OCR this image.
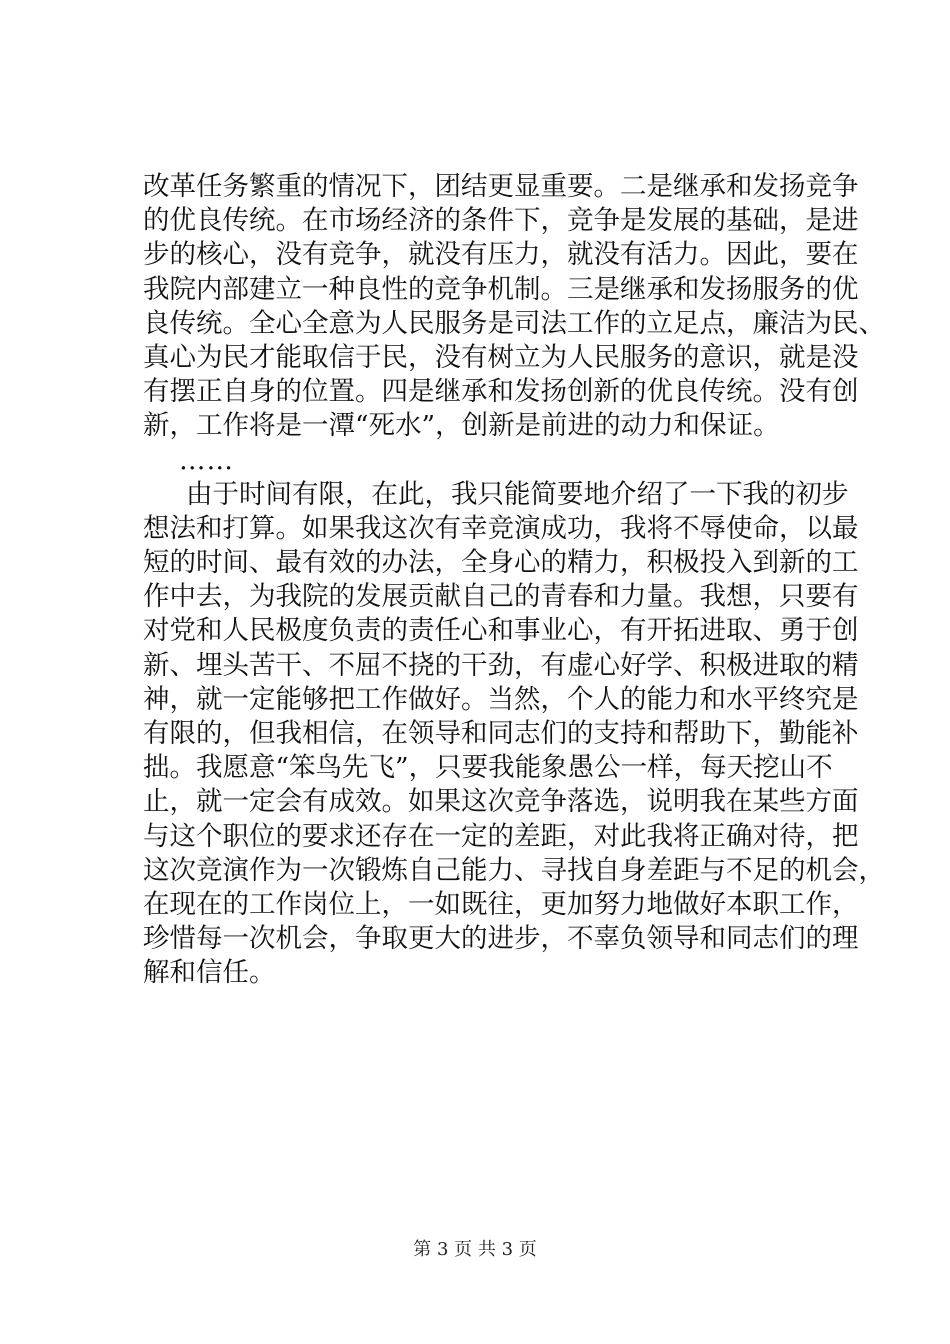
改革任务繁重的情况下，团结更显重要。二是继承和发扬竞争
的优良传统。在市场经济的条件下，竞争是发展的基础，是进
步的核心，没有竞争，就没有压力，就没有活力。因此，要在
我院内部建立一种良性的竞争机制。三是继承和发扬服务的优
良传统。全心全意为人民服务是司法工作的立足点，廉洁为民、
真心为民才能取信于民，没有树立为人民服务的意识，就是没
有摆正自身的位置。四是继承和发扬创新的优良传统。没有创
新，工作将是一潭“死水”，创新是前进的动力和保证。
……
由于时间有限，在此，我只能简要地介绍了一下我的初步
想法和打算。如果我这次有幸竞演成功，我将不辱使命，以最
短的时间、最有效的办法，全身心的精力，积极投入到新的工
作中去，为我院的发展贡献自己的青春和力量。我想，只要有
对党和人民极度负责的责任心和事业心，有开拓进取、勇于创
新、埋头苦干、不屈不挠的干劲，有虚心好学、积极进取的精
神，就一定能够把工作做好。当然，个人的能力和水平终究是
有限的，但我相信，在领导和同志们的支持和帮助下，勤能补
拙。我愿意“笨鸟先飞”，只要我能象愚公一样，每天挖山不
止，就一定会有成效。如果这次竞争落选，说明我在某些方面
与这个职位的要求还存在一定的差距，对此我将正确对待，把
这次竞演作为一次锻炼自己能力、寻找自身差距与不足的机会，
在现在的工作岗位上，一如既往，更加努力地做好本职工作，
珍惜每一次机会，争取更大的进步，不辜负领导和同志们的理
解和信任。
第 3 页 共 3 页
